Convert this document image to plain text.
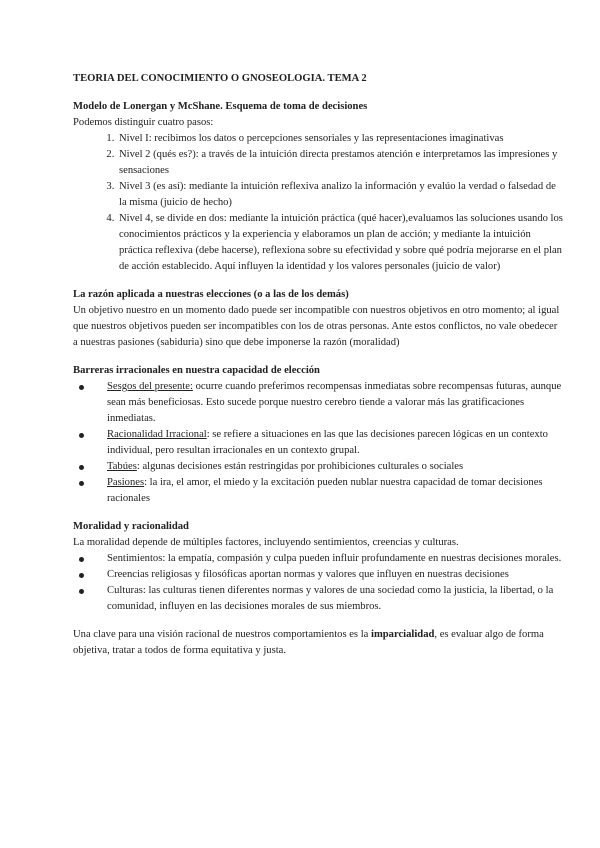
TEORIA DEL CONOCIMIENTO O GNOSEOLOGIA. TEMA 2

Modelo de Lonergan y McShane. Esquema de toma de decisiones

Podemos distinguir cuatro pasos:

1. Nivel I: recibimos los datos o percepciones sensoriales y las representaciones imaginativas
2. Nivel 2 (qués es?): a través de la intuición directa prestamos atención e interpretamos las impresiones y sensaciones
3. Nivel 3 (es así): mediante la intuición reflexiva analizo la información y evalúo la verdad o falsedad de la misma (juicio de hecho)
4. Nivel 4, se divide en dos: mediante la intuición práctica (qué hacer),evaluamos las soluciones usando los conocimientos prácticos y la experiencia y elaboramos un plan de acción; y mediante la intuición práctica reflexiva (debe hacerse), reflexiona sobre su efectividad y sobre qué podría mejorarse en el plan de acción establecido. Aquí influyen la identidad y los valores personales (juicio de valor)

La razón aplicada a nuestras elecciones (o a las de los demás)

Un objetivo nuestro en un momento dado puede ser incompatible con nuestros objetivos en otro momento; al igual que nuestros objetivos pueden ser incompatibles con los de otras personas. Ante estos conflictos, no vale obedecer a nuestras pasiones (sabiduria) sino que debe imponerse la razón (moralidad)

Barreras irracionales en nuestra capacidad de elección

Sesgos del presente: ocurre cuando preferimos recompensas inmediatas sobre recompensas futuras, aunque sean más beneficiosas. Esto sucede porque nuestro cerebro tiende a valorar más las gratificaciones inmediatas.
Racionalidad Irracional: se refiere a situaciones en las que las decisiones parecen lógicas en un contexto individual, pero resultan irracionales en un contexto grupal.
Tabúes: algunas decisiones están restringidas por prohibiciones culturales o sociales
Pasiones: la ira, el amor, el miedo y la excitación pueden nublar nuestra capacidad de tomar decisiones racionales

Moralidad y racionalidad

La moralidad depende de múltiples factores, incluyendo sentimientos, creencias y culturas.

Sentimientos: la empatía, compasión y culpa pueden influir profundamente en nuestras decisiones morales.
Creencias religiosas y filosóficas aportan normas y valores que influyen en nuestras decisiones
Culturas: las culturas tienen diferentes normas y valores de una sociedad como la justicia, la libertad, o la comunidad, influyen en las decisiones morales de sus miembros.

Una clave para una visión racional de nuestros comportamientos es la imparcialidad, es evaluar algo de forma objetiva, tratar a todos de forma equitativa y justa.
